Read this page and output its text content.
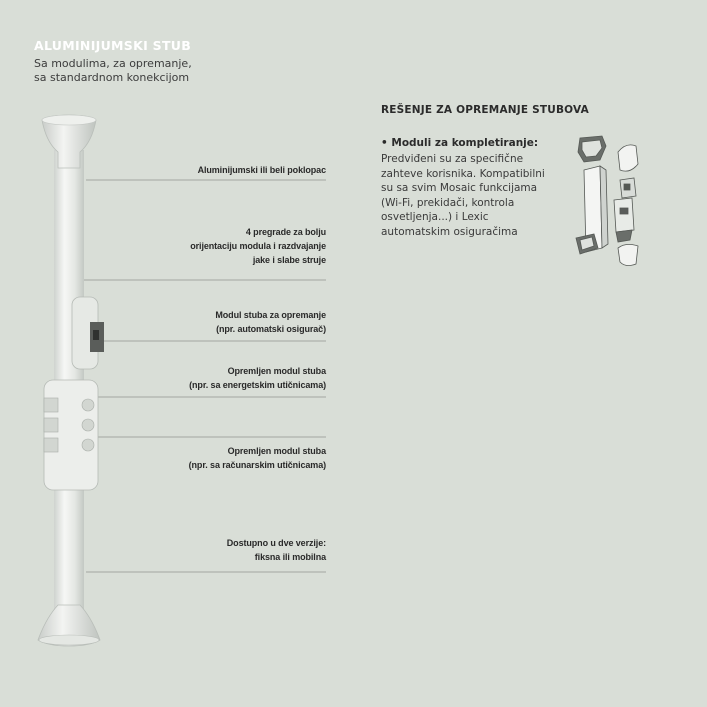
ALUMINIJUMSKI STUB
Sa modulima, za opremanje,
sa standardnom konekcijom
Aluminijumski ili beli poklopac
4 pregrade za bolju
orijentaciju modula i razdvajanje
jake i slabe struje
Modul stuba za opremanje
(npr. automatski osigurač)
Opremljen modul stuba
(npr. sa energetskim utičnicama)
Opremljen modul stuba
(npr. sa računarskim utičnicama)
Dostupno u dve verzije:
fiksna ili mobilna
REŠENJE ZA OPREMANJE STUBOVA
• Moduli za kompletiranje:
Predviđeni su za specifične
zahteve korisnika. Kompatibilni
su sa svim Mosaic funkcijama
(Wi-Fi, prekidači, kontrola
osvetljenja...) i Lexic
automatskim osiguračima
